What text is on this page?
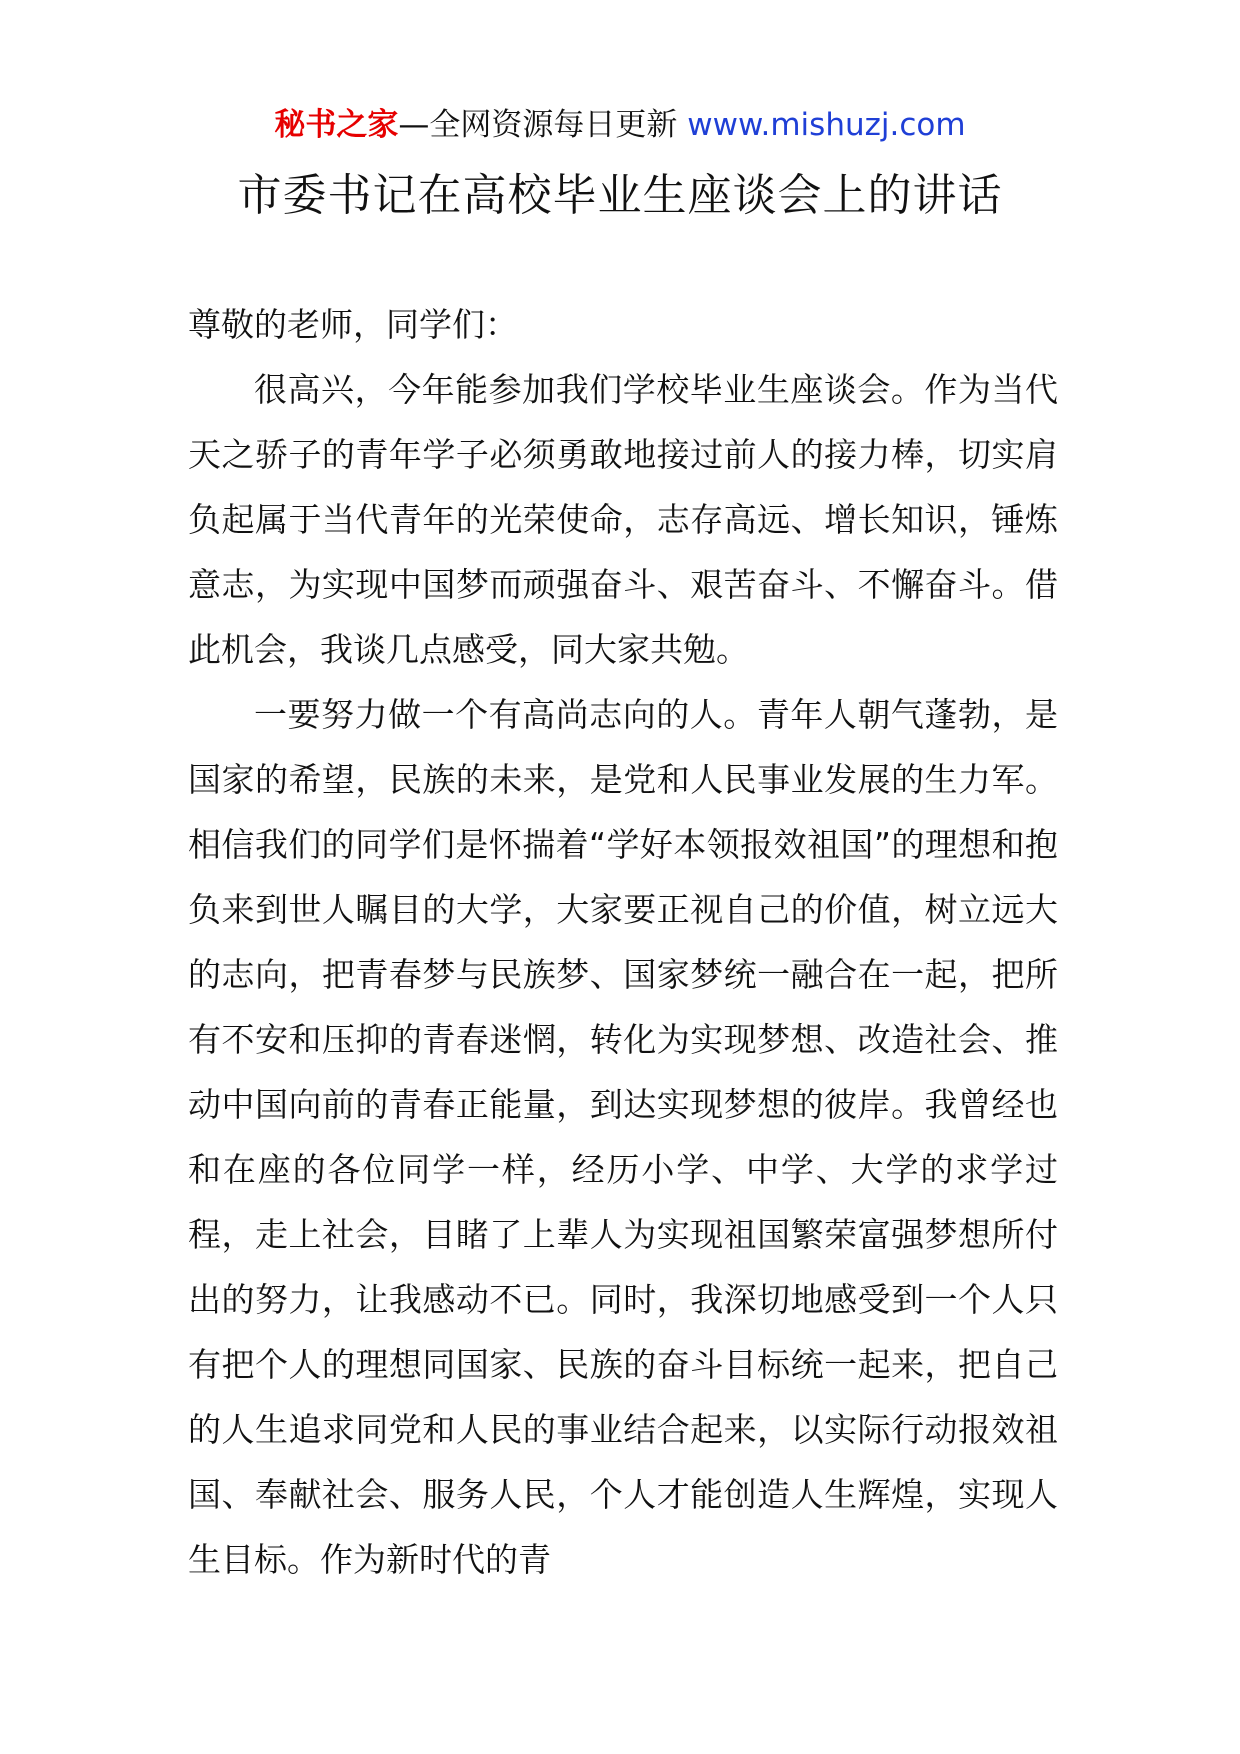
秘书之家—全网资源每日更新 www.mishuzj.com
市委书记在高校毕业生座谈会上的讲话

尊敬的老师，同学们：

很高兴，今年能参加我们学校毕业生座谈会。作为当代天之骄子的青年学子必须勇敢地接过前人的接力棒，切实肩负起属于当代青年的光荣使命，志存高远、增长知识，锤炼意志，为实现中国梦而顽强奋斗、艰苦奋斗、不懈奋斗。借此机会，我谈几点感受，同大家共勉。

一要努力做一个有高尚志向的人。青年人朝气蓬勃，是国家的希望，民族的未来，是党和人民事业发展的生力军。相信我们的同学们是怀揣着“学好本领报效祖国”的理想和抱负来到世人瞩目的大学，大家要正视自己的价值，树立远大的志向，把青春梦与民族梦、国家梦统一融合在一起，把所有不安和压抑的青春迷惘，转化为实现梦想、改造社会、推动中国向前的青春正能量，到达实现梦想的彼岸。我曾经也和在座的各位同学一样，经历小学、中学、大学的求学过程，走上社会，目睹了上辈人为实现祖国繁荣富强梦想所付出的努力，让我感动不已。同时，我深切地感受到一个人只有把个人的理想同国家、民族的奋斗目标统一起来，把自己的人生追求同党和人民的事业结合起来，以实际行动报效祖国、奉献社会、服务人民，个人才能创造人生辉煌，实现人生目标。作为新时代的青
